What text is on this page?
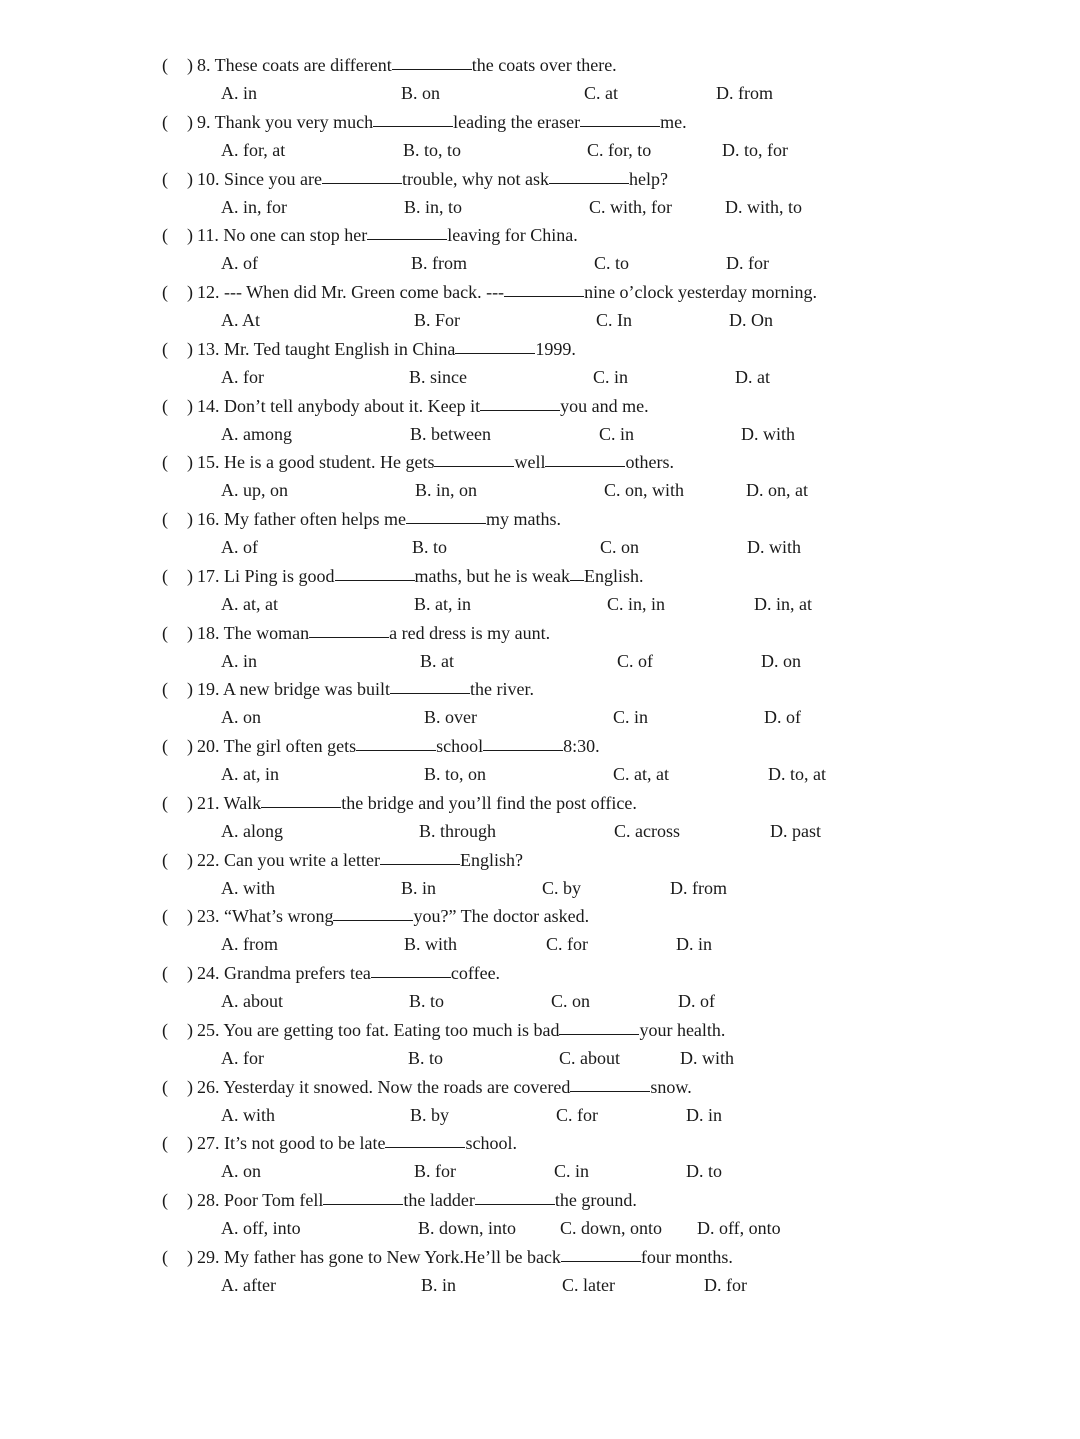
( ) 8. These coats are different	the coats over there.
A. in	B. on	C. at	D. from
( ) 9. Thank you very much	leading the eraser	me.
A. for, at	B. to, to	C. for, to	D. to, for
( ) 10. Since you are	trouble, why not ask	help?
A. in, for	B. in, to	C. with, for	D. with, to
( ) 11. No one can stop her	leaving for China.
A. of	B. from	C. to	D. for
( ) 12. --- When did Mr. Green come back. ---	nine o’clock yesterday morning.
A. At	B. For	C. In	D. On
( ) 13. Mr. Ted taught English in China	1999.
A. for	B. since	C. in	D. at
( ) 14. Don’t tell anybody about it. Keep it	you and me.
A. among	B. between	C. in	D. with
( ) 15. He is a good student. He gets	well	others.
A. up, on	B. in, on	C. on, with	D. on, at
( ) 16. My father often helps me	my maths.
A. of	B. to	C. on	D. with
( ) 17. Li Ping is good	maths, but he is weak English.
A. at, at	B. at, in	C. in, in	D. in, at
( ) 18. The woman	a red dress is my aunt.
A. in	B. at	C. of	D. on
( ) 19. A new bridge was built	the river.
A. on	B. over	C. in	D. of
( ) 20. The girl often gets	school	8:30.
A. at, in	B. to, on	C. at, at	D. to, at
( ) 21. Walk	the bridge and you’ll find the post office.
A. along	B. through	C. across	D. past
( ) 22. Can you write a letter	English?
A. with	B. in	C. by	D. from
( ) 23. “What’s wrong	you?” The doctor asked.
A. from	B. with	C. for	D. in
( ) 24. Grandma prefers tea	coffee.
A. about	B. to	C. on	D. of
( ) 25. You are getting too fat. Eating too much is bad	your health.
A. for	B. to	C. about	D. with
( ) 26. Yesterday it snowed. Now the roads are covered	snow.
A. with	B. by	C. for	D. in
( ) 27. It’s not good to be late	school.
A. on	B. for	C. in	D. to
( ) 28. Poor Tom fell	the ladder	the ground.
A. off, into	B. down, into C. down, onto D. off, onto
( ) 29. My father has gone to New York.He’ll be back	four months.
A. after	B. in	C. later	D. for
